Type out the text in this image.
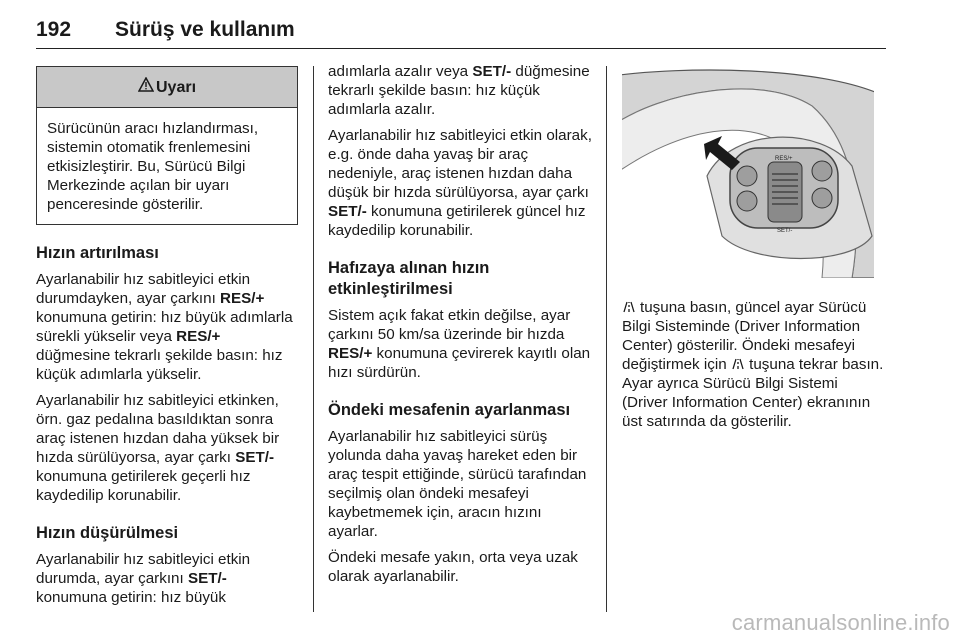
192 Sürüş ve kullanım
Uyarı
Sürücünün aracı hızlandırması, sistemin otomatik frenlemesini etkisizleştirir. Bu, Sürücü Bilgi Merkezinde açılan bir uyarı penceresinde gösterilir.
Hızın artırılması

Ayarlanabilir hız sabitleyici etkin durumdayken, ayar çarkını RES/+ konumuna getirin: hız büyük adımlarla sürekli yükselir veya RES/+ düğmesine tekrarlı şekilde basın: hız küçük adımlarla yükselir.

Ayarlanabilir hız sabitleyici etkinken, örn. gaz pedalına basıldıktan sonra araç istenen hızdan daha yüksek bir hızda sürülüyorsa, ayar çarkı SET/- konumuna getirilerek geçerli hız kaydedilip korunabilir.

Hızın düşürülmesi

Ayarlanabilir hız sabitleyici etkin durumda, ayar çarkını SET/- konumuna getirin: hız büyük

adımlarla azalır veya SET/- düğmesine tekrarlı şekilde basın: hız küçük adımlarla azalır.

Ayarlanabilir hız sabitleyici etkin olarak, e.g. önde daha yavaş bir araç nedeniyle, araç istenen hızdan daha düşük bir hızda sürülüyorsa, ayar çarkı SET/- konumuna getirilerek güncel hız kaydedilip korunabilir.

Hafızaya alınan hızın etkinleştirilmesi

Sistem açık fakat etkin değilse, ayar çarkını 50 km/sa üzerinde bir hızda RES/+ konumuna çevirerek kayıtlı olan hızı sürdürün.

Öndeki mesafenin ayarlanması

Ayarlanabilir hız sabitleyici sürüş yolunda daha yavaş hareket eden bir araç tespit ettiğinde, sürücü tarafından seçilmiş olan öndeki mesafeyi kaybetmemek için, aracın hızını ayarlar.

Öndeki mesafe yakın, orta veya uzak olarak ayarlanabilir.

RES/+
SET/-

tuşuna basın, güncel ayar Sürücü Bilgi Sisteminde (Driver Information Center) gösterilir. Öndeki mesafeyi değiştirmek için  tuşuna tekrar basın. Ayar ayrıca Sürücü Bilgi Sistemi (Driver Information Center) ekranının üst satırında da gösterilir.

carmanualsonline.info
